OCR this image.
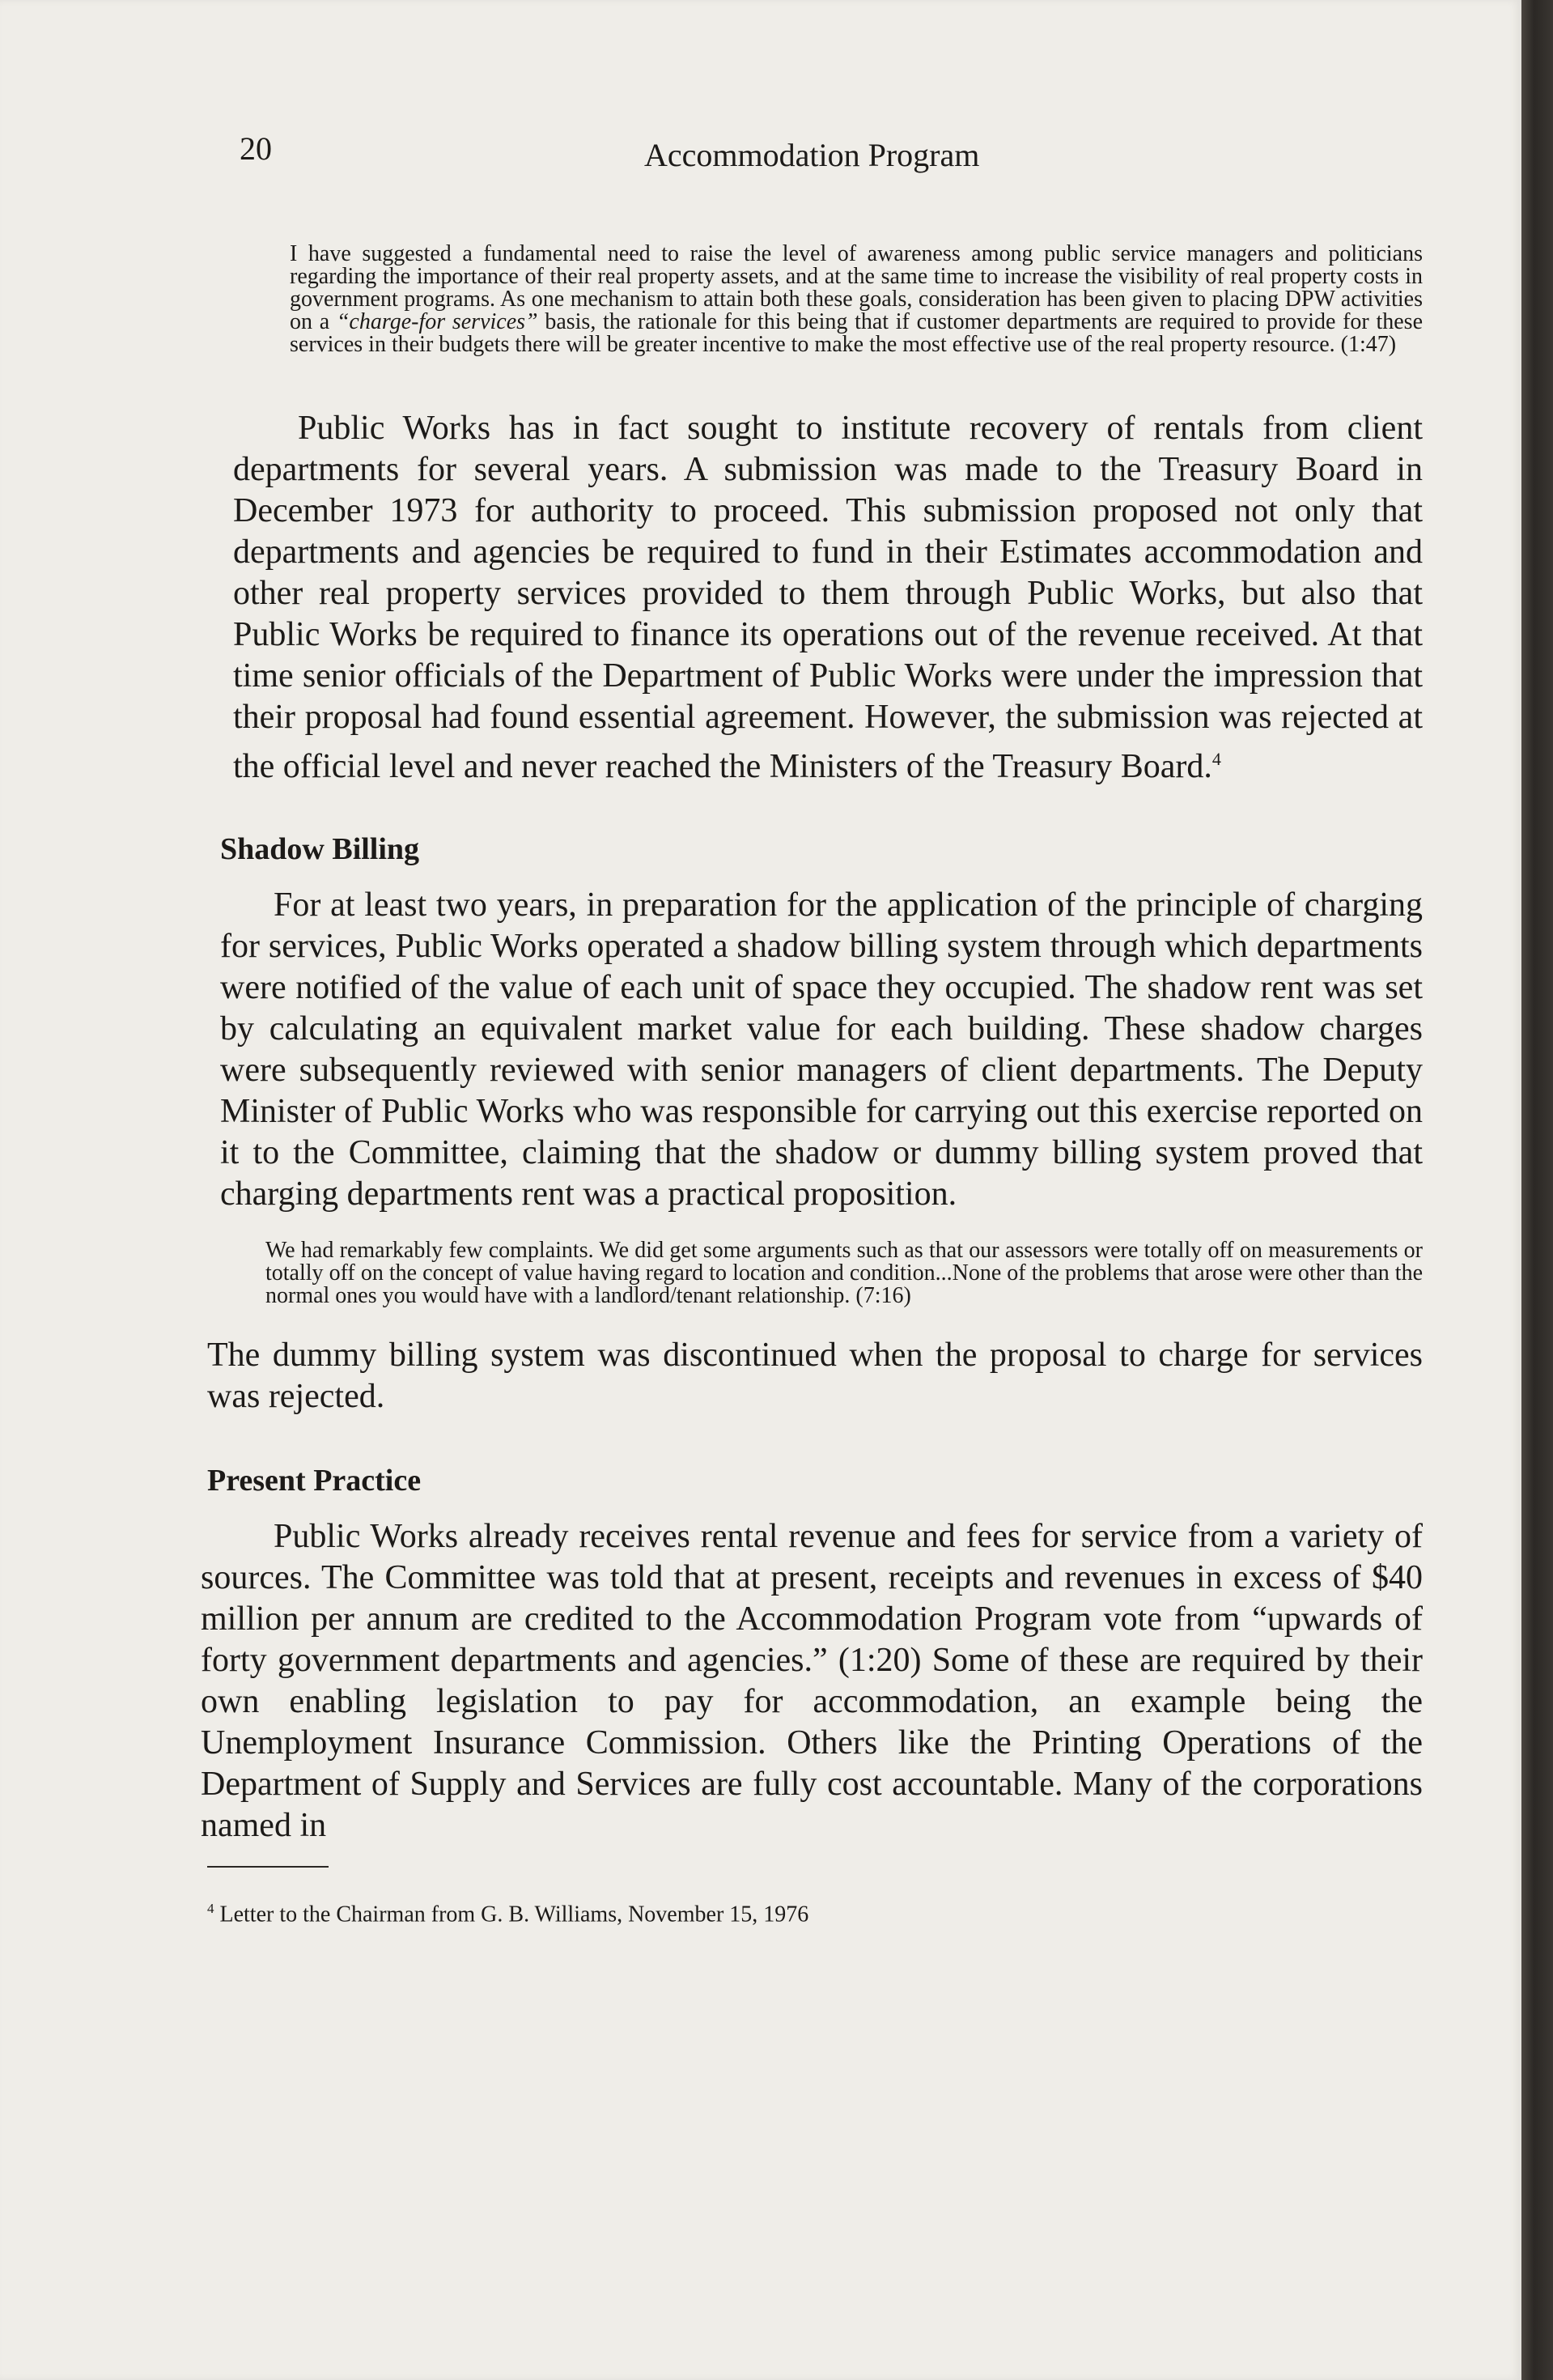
20	Accommodation Program

I have suggested a fundamental need to raise the level of awareness among public service managers and politicians regarding the importance of their real property assets, and at the same time to increase the visibility of real property costs in government programs. As one mechanism to attain both these goals, consideration has been given to placing DPW activities on a “charge-for services” basis, the rationale for this being that if customer departments are required to provide for these services in their budgets there will be greater incentive to make the most effective use of the real property resource. (1:47)

Public Works has in fact sought to institute recovery of rentals from client departments for several years. A submission was made to the Treasury Board in December 1973 for authority to proceed. This submission proposed not only that departments and agencies be required to fund in their Estimates accommodation and other real property services provided to them through Public Works, but also that Public Works be required to finance its operations out of the revenue received. At that time senior officials of the Department of Public Works were under the impression that their proposal had found essential agreement. However, the submission was rejected at the official level and never reached the Ministers of the Treasury Board.$^4$

Shadow Billing

For at least two years, in preparation for the application of the principle of charging for services, Public Works operated a shadow billing system through which departments were notified of the value of each unit of space they occupied. The shadow rent was set by calculating an equivalent market value for each building. These shadow charges were subsequently reviewed with senior managers of client departments. The Deputy Minister of Public Works who was responsible for carrying out this exercise reported on it to the Committee, claiming that the shadow or dummy billing system proved that charging departments rent was a practical proposition.

We had remarkably few complaints. We did get some arguments such as that our assessors were totally off on measurements or totally off on the concept of value having regard to location and condition...None of the problems that arose were other than the normal ones you would have with a landlord/tenant relationship. (7:16)

The dummy billing system was discontinued when the proposal to charge for services was rejected.

Present Practice

Public Works already receives rental revenue and fees for service from a variety of sources. The Committee was told that at present, receipts and revenues in excess of $40 million per annum are credited to the Accommodation Program vote from “upwards of forty government departments and agencies.” (1:20) Some of these are required by their own enabling legislation to pay for accommodation, an example being the Unemployment Insurance Commission. Others like the Printing Operations of the Department of Supply and Services are fully cost accountable. Many of the corporations named in

$^4$ Letter to the Chairman from G. B. Williams, November 15, 1976
